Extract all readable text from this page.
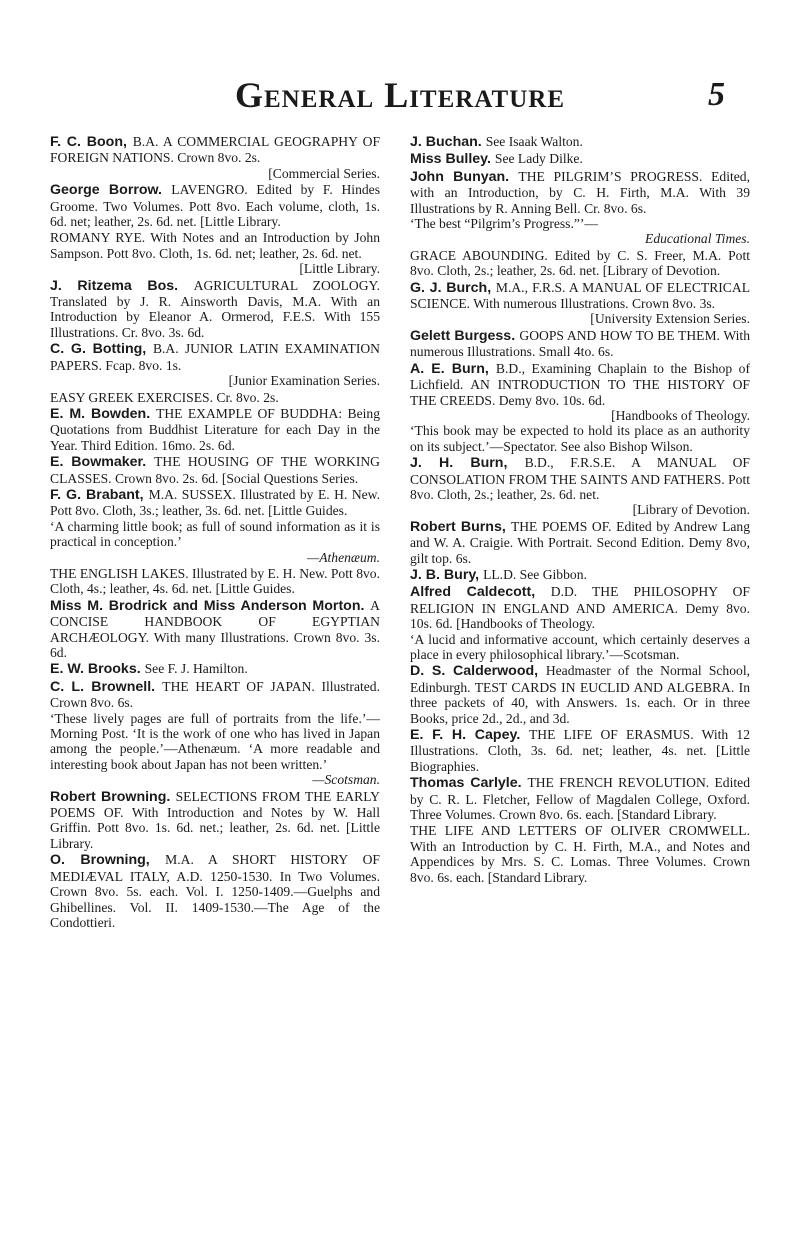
General Literature	5
F. C. Boon, B.A. A COMMERCIAL GEOGRAPHY OF FOREIGN NATIONS. Crown 8vo. 2s.
[Commercial Series.
George Borrow. LAVENGRO. Edited by F. Hindes Groome. Two Volumes. Pott 8vo. Each volume, cloth, 1s. 6d. net; leather, 2s. 6d. net. [Little Library.
ROMANY RYE. With Notes and an Introduction by John Sampson. Pott 8vo. Cloth, 1s. 6d. net; leather, 2s. 6d. net.
[Little Library.
J. Ritzema Bos. AGRICULTURAL ZOOLOGY. Translated by J. R. Ainsworth Davis, M.A. With an Introduction by Eleanor A. Ormerod, F.E.S. With 155 Illustrations. Cr. 8vo. 3s. 6d.
C. G. Botting, B.A. JUNIOR LATIN EXAMINATION PAPERS. Fcap. 8vo. 1s.
[Junior Examination Series.
EASY GREEK EXERCISES. Cr. 8vo. 2s.
E. M. Bowden. THE EXAMPLE OF BUDDHA: Being Quotations from Buddhist Literature for each Day in the Year. Third Edition. 16mo. 2s. 6d.
E. Bowmaker. THE HOUSING OF THE WORKING CLASSES. Crown 8vo. 2s. 6d. [Social Questions Series.
F. G. Brabant, M.A. SUSSEX. Illustrated by E. H. New. Pott 8vo. Cloth, 3s.; leather, 3s. 6d. net. [Little Guides.
‘A charming little book; as full of sound information as it is practical in conception.’
—Athenæum.
THE ENGLISH LAKES. Illustrated by E. H. New. Pott 8vo. Cloth, 4s.; leather, 4s. 6d. net. [Little Guides.
Miss M. Brodrick and Miss Anderson Morton. A CONCISE HANDBOOK OF EGYPTIAN ARCHÆOLOGY. With many Illustrations. Crown 8vo. 3s. 6d.
E. W. Brooks. See F. J. Hamilton.
C. L. Brownell. THE HEART OF JAPAN. Illustrated. Crown 8vo. 6s.
‘These lively pages are full of portraits from the life.’—Morning Post. ‘It is the work of one who has lived in Japan among the people.’—Athenæum. ‘A more readable and interesting book about Japan has not been written.’
—Scotsman.
Robert Browning. SELECTIONS FROM THE EARLY POEMS OF. With Introduction and Notes by W. Hall Griffin. Pott 8vo. 1s. 6d. net.; leather, 2s. 6d. net. [Little Library.
O. Browning, M.A. A SHORT HISTORY OF MEDIÆVAL ITALY, A.D. 1250-1530. In Two Volumes. Crown 8vo. 5s. each. Vol. I. 1250-1409.—Guelphs and Ghibellines. Vol. II. 1409-1530.—The Age of the Condottieri.
J. Buchan. See Isaak Walton.
Miss Bulley. See Lady Dilke.
John Bunyan. THE PILGRIM’S PROGRESS. Edited, with an Introduction, by C. H. Firth, M.A. With 39 Illustrations by R. Anning Bell. Cr. 8vo. 6s.
‘The best “Pilgrim’s Progress.”’—
Educational Times.
GRACE ABOUNDING. Edited by C. S. Freer, M.A. Pott 8vo. Cloth, 2s.; leather, 2s. 6d. net. [Library of Devotion.
G. J. Burch, M.A., F.R.S. A MANUAL OF ELECTRICAL SCIENCE. With numerous Illustrations. Crown 8vo. 3s.
[University Extension Series.
Gelett Burgess. GOOPS AND HOW TO BE THEM. With numerous Illustrations. Small 4to. 6s.
A. E. Burn, B.D., Examining Chaplain to the Bishop of Lichfield. AN INTRODUCTION TO THE HISTORY OF THE CREEDS. Demy 8vo. 10s. 6d.
[Handbooks of Theology.
‘This book may be expected to hold its place as an authority on its subject.’—Spectator. See also Bishop Wilson.
J. H. Burn, B.D., F.R.S.E. A MANUAL OF CONSOLATION FROM THE SAINTS AND FATHERS. Pott 8vo. Cloth, 2s.; leather, 2s. 6d. net.
[Library of Devotion.
Robert Burns, THE POEMS OF. Edited by Andrew Lang and W. A. Craigie. With Portrait. Second Edition. Demy 8vo, gilt top. 6s.
J. B. Bury, LL.D. See Gibbon.
Alfred Caldecott, D.D. THE PHILOSOPHY OF RELIGION IN ENGLAND AND AMERICA. Demy 8vo. 10s. 6d. [Handbooks of Theology.
‘A lucid and informative account, which certainly deserves a place in every philosophical library.’—Scotsman.
D. S. Calderwood, Headmaster of the Normal School, Edinburgh. TEST CARDS IN EUCLID AND ALGEBRA. In three packets of 40, with Answers. 1s. each. Or in three Books, price 2d., 2d., and 3d.
E. F. H. Capey. THE LIFE OF ERASMUS. With 12 Illustrations. Cloth, 3s. 6d. net; leather, 4s. net. [Little Biographies.
Thomas Carlyle. THE FRENCH REVOLUTION. Edited by C. R. L. Fletcher, Fellow of Magdalen College, Oxford. Three Volumes. Crown 8vo. 6s. each. [Standard Library.
THE LIFE AND LETTERS OF OLIVER CROMWELL. With an Introduction by C. H. Firth, M.A., and Notes and Appendices by Mrs. S. C. Lomas. Three Volumes. Crown 8vo. 6s. each. [Standard Library.
